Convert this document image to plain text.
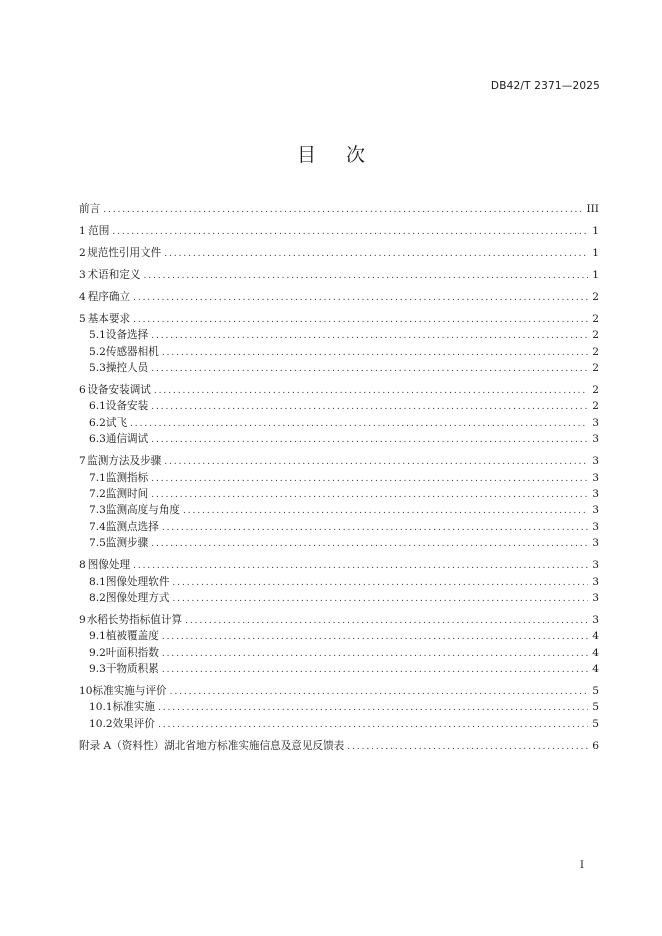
DB42/T 2371—2025
目次
前言 .....	III
1 范围 .....	1
2 规范性引用文件 .....	1
3 术语和定义 .....	1
4 程序确立 .....	2
5 基本要求 .....	2
5.1 设备选择 .....	2
5.2 传感器相机 .....	2
5.3 操控人员 .....	2
6 设备安装调试 .....	2
6.1 设备安装 .....	2
6.2 试飞 .....	3
6.3 通信调试 .....	3
7 监测方法及步骤 .....	3
7.1 监测指标 .....	3
7.2 监测时间 .....	3
7.3 监测高度与角度 .....	3
7.4 监测点选择 .....	3
7.5 监测步骤 .....	3
8 图像处理 .....	3
8.1 图像处理软件 .....	3
8.2 图像处理方式 .....	3
9 水稻长势指标值计算 .....	3
9.1 植被覆盖度 .....	4
9.2 叶面积指数 .....	4
9.3 干物质积累 .....	4
10 标准实施与评价 .....	5
10.1 标准实施 .....	5
10.2 效果评价 .....	5
附录 A（资料性） 湖北省地方标准实施信息及意见反馈表 .....	6
I
